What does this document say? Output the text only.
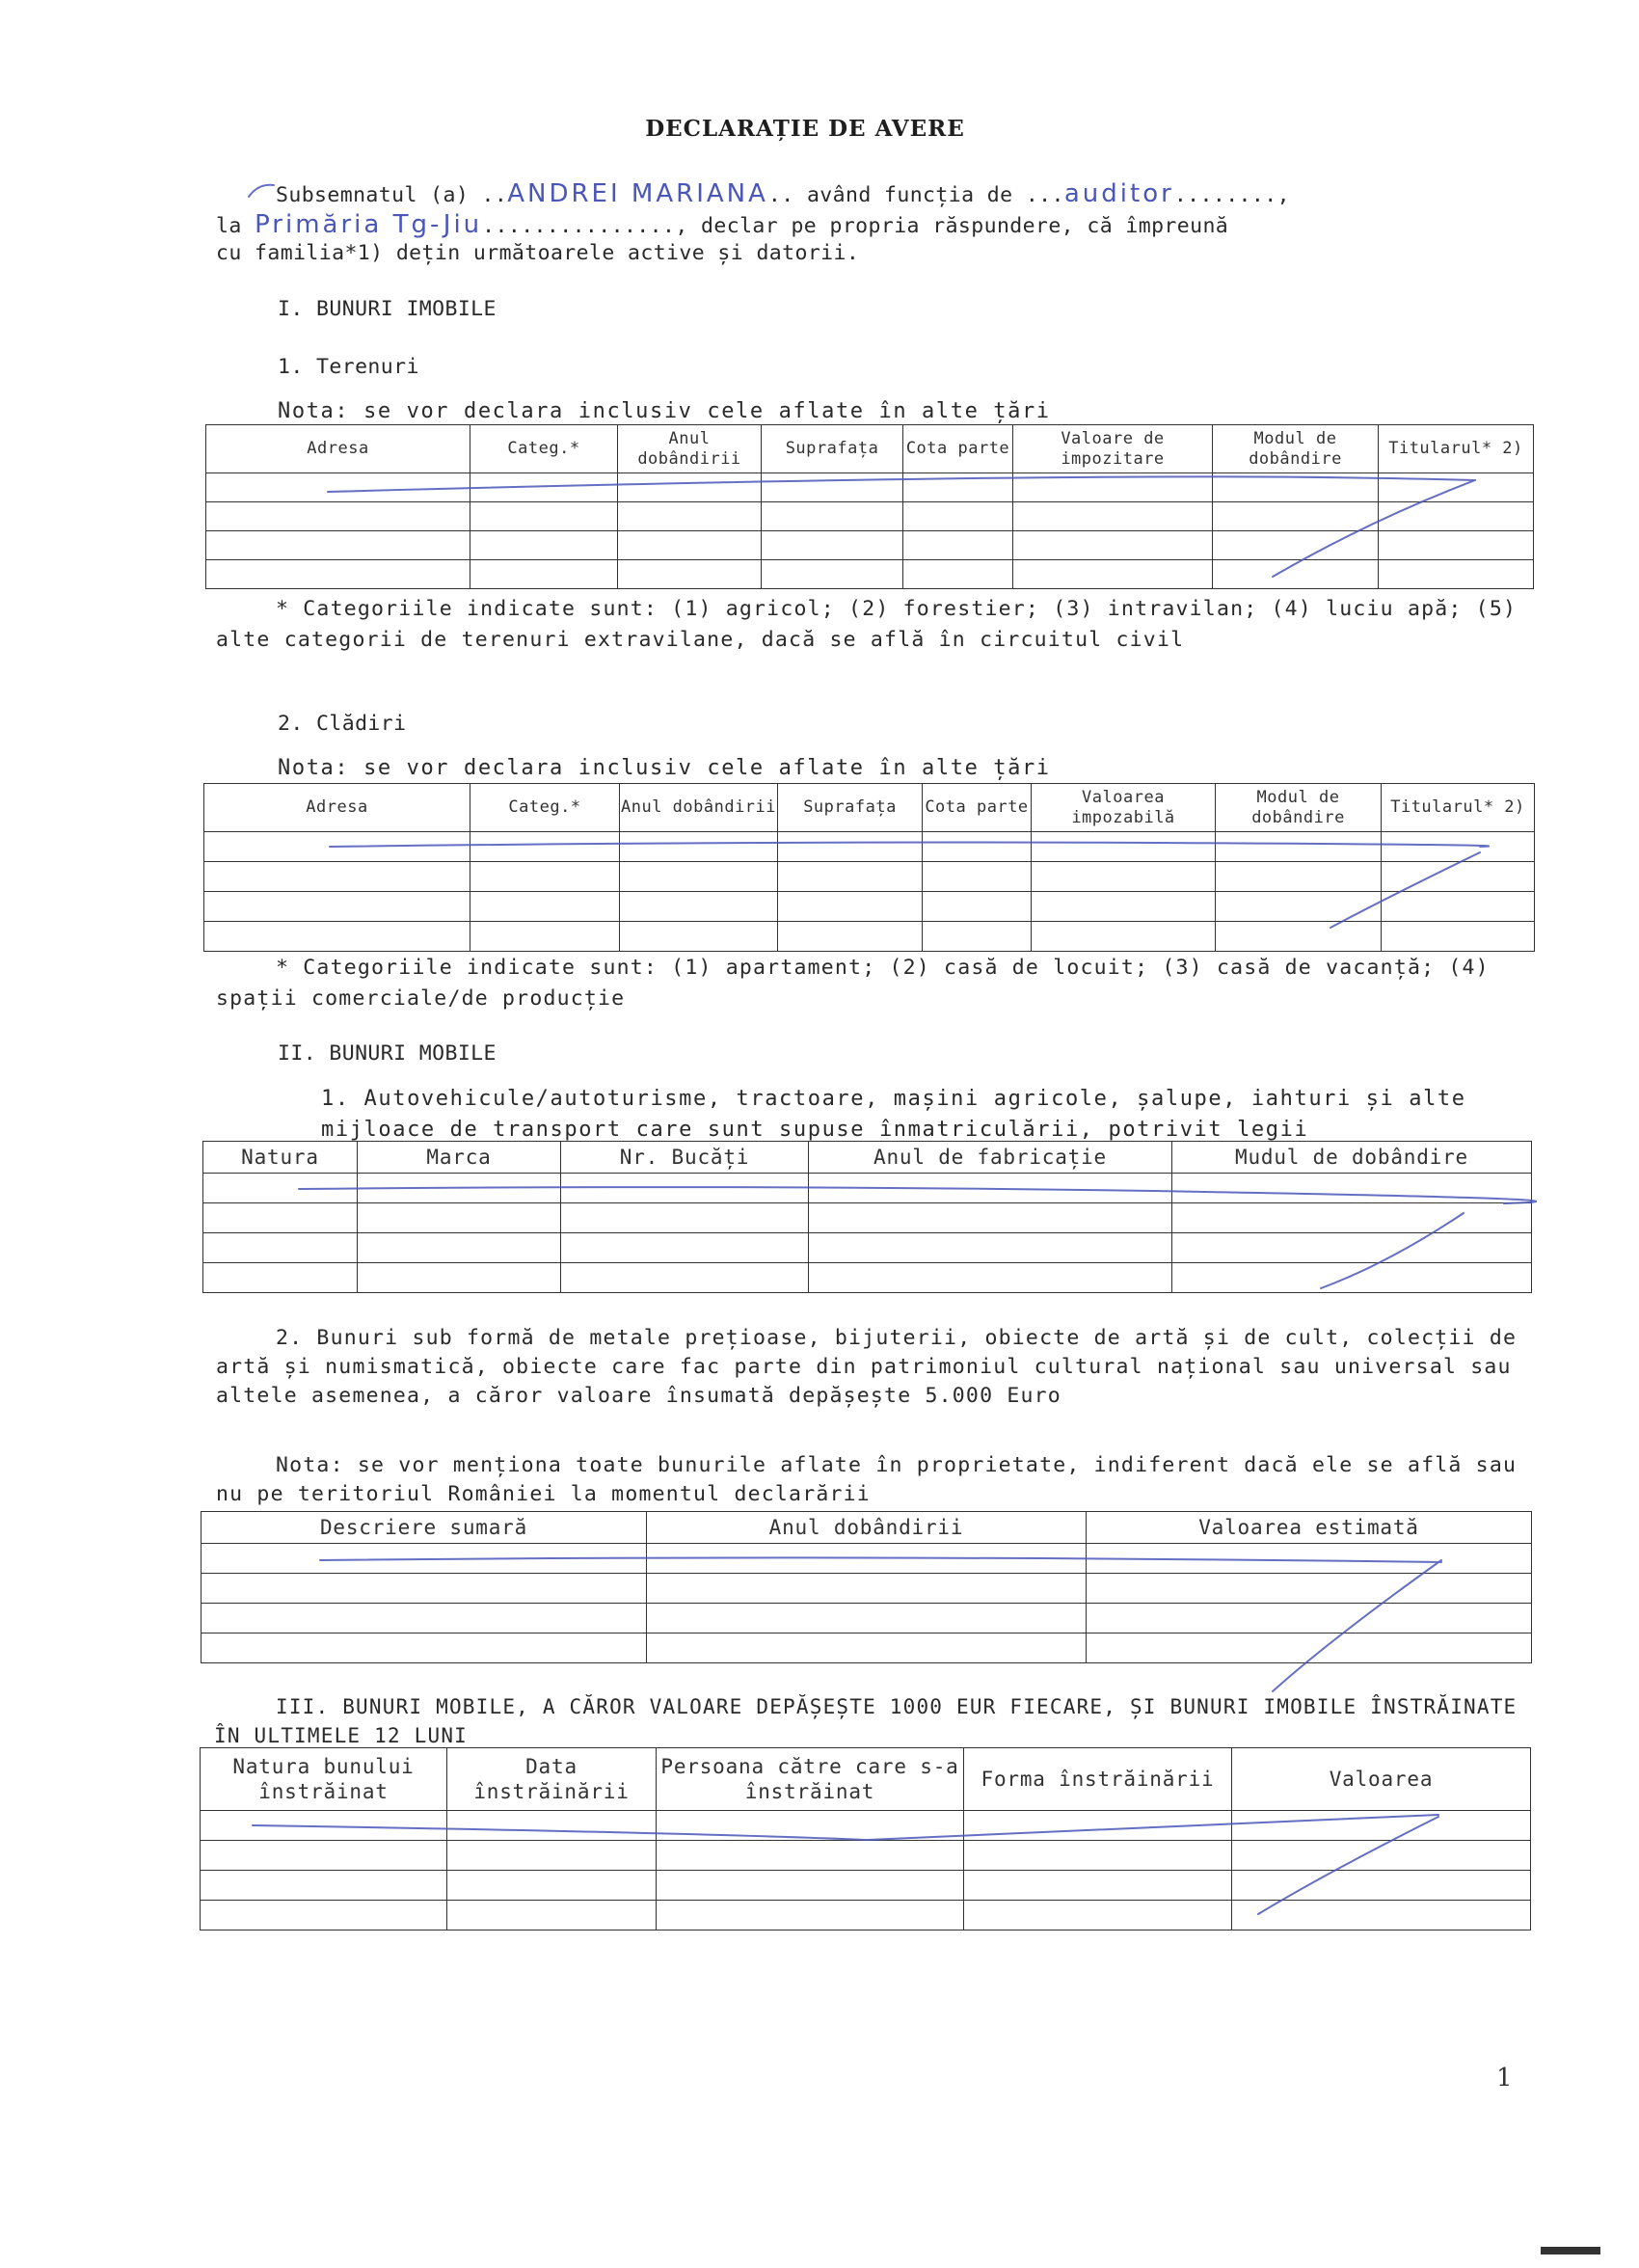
DECLARAȚIE DE AVERE
Subsemnatul (a) ..ANDREI MARIANA.. având funcția de ...auditor........,
la Primăria Tg-Jiu..............., declar pe propria răspundere, că împreună
cu familia*1) dețin următoarele active și datorii.
I. BUNURI IMOBILE
1. Terenuri
Nota: se vor declara inclusiv cele aflate în alte țări
Adresa	Categ.*	Anul dobândirii	Suprafața	Cota parte	Valoare de impozitare	Modul de dobândire	Titularul* 2)

* Categoriile indicate sunt: (1) agricol; (2) forestier; (3) intravilan; (4) luciu apă; (5) alte categorii de terenuri extravilane, dacă se află în circuitul civil
2. Clădiri
Nota: se vor declara inclusiv cele aflate în alte țări
Adresa	Categ.*	Anul dobândirii	Suprafața	Cota parte	Valoarea impozabilă	Modul de dobândire	Titularul* 2)

* Categoriile indicate sunt: (1) apartament; (2) casă de locuit; (3) casă de vacanță; (4) spații comerciale/de producție
II. BUNURI MOBILE
1. Autovehicule/autoturisme, tractoare, mașini agricole, șalupe, iahturi și alte mijloace de transport care sunt supuse înmatriculării, potrivit legii
Natura	Marca	Nr. Bucăți	Anul de fabricație	Mudul de dobândire

2. Bunuri sub formă de metale prețioase, bijuterii, obiecte de artă și de cult, colecții de artă și numismatică, obiecte care fac parte din patrimoniul cultural național sau universal sau altele asemenea, a căror valoare însumată depășește 5.000 Euro
Nota: se vor menționa toate bunurile aflate în proprietate, indiferent dacă ele se află sau nu pe teritoriul României la momentul declarării
Descriere sumară	Anul dobândirii	Valoarea estimată

III. BUNURI MOBILE, A CĂROR VALOARE DEPĂȘEȘTE 1000 EUR FIECARE, ȘI BUNURI IMOBILE ÎNSTRĂINATE ÎN ULTIMELE 12 LUNI
Natura bunului înstrăinat	Data înstrăinării	Persoana către care s-a înstrăinat	Forma înstrăinării	Valoarea

1
